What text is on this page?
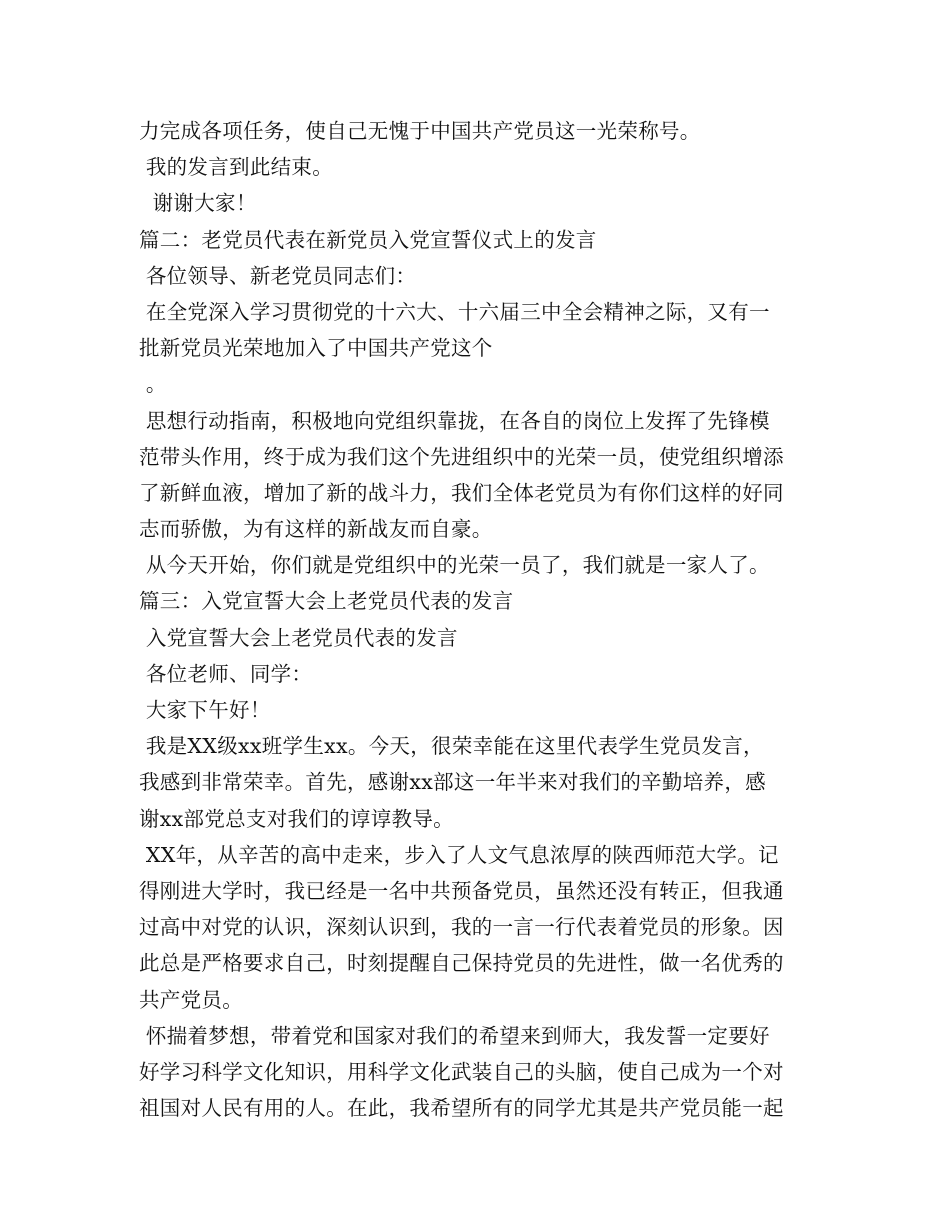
力完成各项任务，使自己无愧于中国共产党员这一光荣称号。
我的发言到此结束。
谢谢大家！
篇二：老党员代表在新党员入党宣誓仪式上的发言
各位领导、新老党员同志们：
在全党深入学习贯彻党的十六大、十六届三中全会精神之际，又有一
批新党员光荣地加入了中国共产党这个
。
思想行动指南，积极地向党组织靠拢，在各自的岗位上发挥了先锋模
范带头作用，终于成为我们这个先进组织中的光荣一员，使党组织增添
了新鲜血液，增加了新的战斗力，我们全体老党员为有你们这样的好同
志而骄傲，为有这样的新战友而自豪。
从今天开始，你们就是党组织中的光荣一员了，我们就是一家人了。
篇三：入党宣誓大会上老党员代表的发言
入党宣誓大会上老党员代表的发言
各位老师、同学：
大家下午好！
我是XX级xx班学生xx。今天，很荣幸能在这里代表学生党员发言，
我感到非常荣幸。首先，感谢xx部这一年半来对我们的辛勤培养，感
谢xx部党总支对我们的谆谆教导。
XX年，从辛苦的高中走来，步入了人文气息浓厚的陕西师范大学。记
得刚进大学时，我已经是一名中共预备党员，虽然还没有转正，但我通
过高中对党的认识，深刻认识到，我的一言一行代表着党员的形象。因
此总是严格要求自己，时刻提醒自己保持党员的先进性，做一名优秀的
共产党员。
怀揣着梦想，带着党和国家对我们的希望来到师大，我发誓一定要好
好学习科学文化知识，用科学文化武装自己的头脑，使自己成为一个对
祖国对人民有用的人。在此，我希望所有的同学尤其是共产党员能一起
